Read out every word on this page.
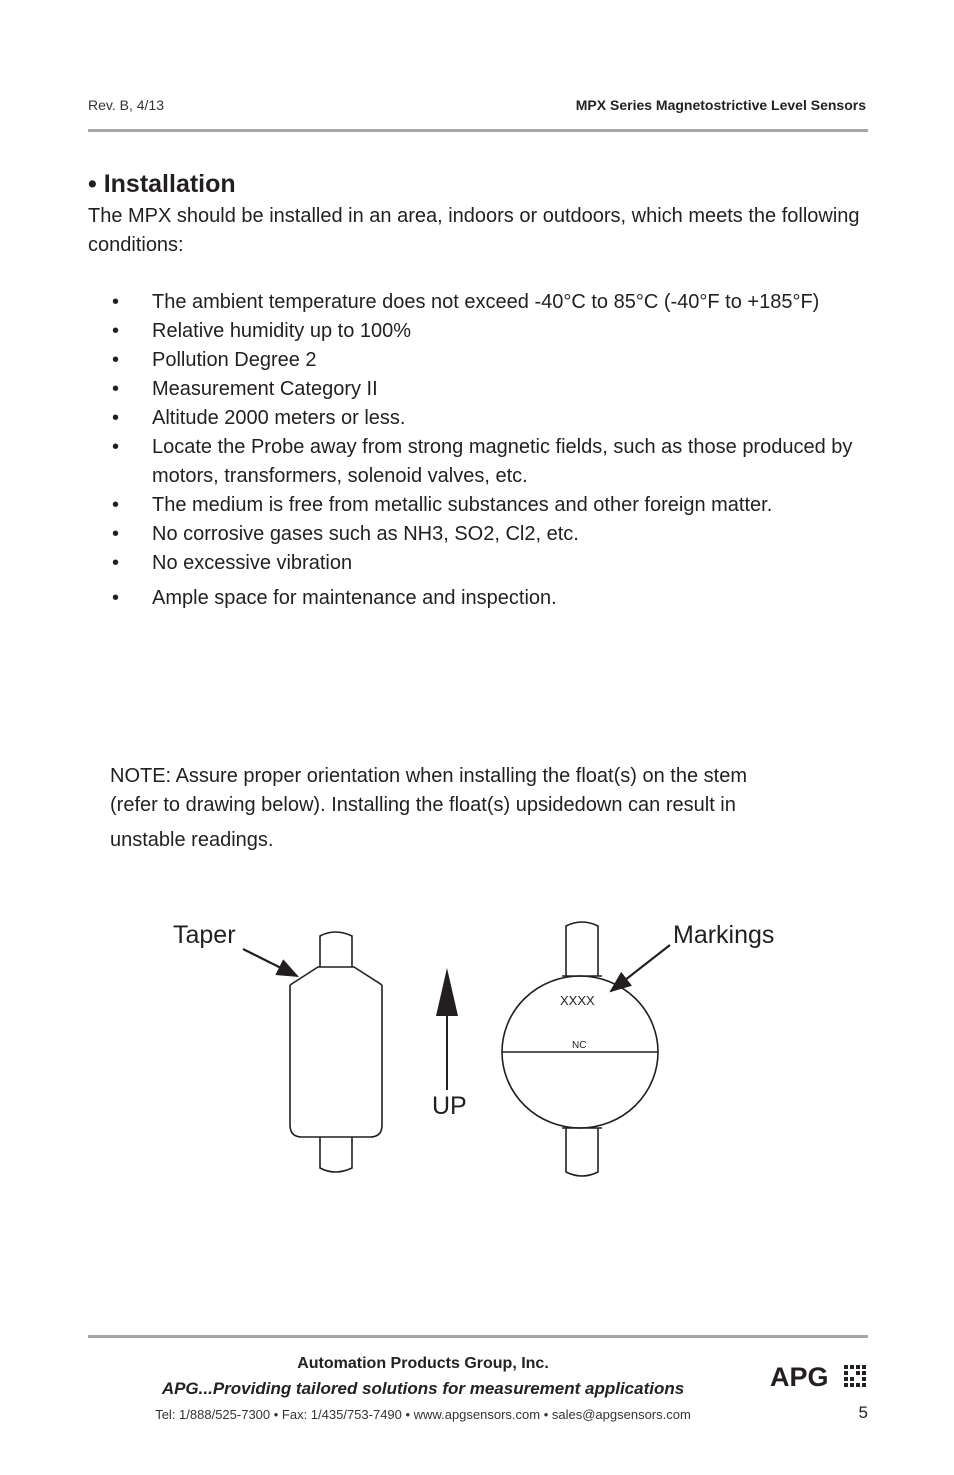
Rev. B, 4/13	MPX Series Magnetostrictive Level Sensors
• Installation
The MPX should be installed in an area, indoors or outdoors, which meets the following conditions:
• The ambient temperature does not exceed -40°C to 85°C (-40°F to +185°F)
• Relative humidity up to 100%
• Pollution Degree 2
• Measurement Category II
• Altitude 2000 meters or less.
• Locate the Probe away from strong magnetic fields, such as those produced by motors, transformers, solenoid valves, etc.
• The medium is free from metallic substances and other foreign matter.
• No corrosive gases such as NH3, SO2, Cl2, etc.
• No excessive vibration
• Ample space for maintenance and inspection.
NOTE: Assure proper orientation when installing the float(s) on the stem
(refer to drawing below). Installing the float(s) upsidedown can result in

unstable readings.
Taper
UP
XXXX
NC
Markings
Automation Products Group, Inc.
APG...Providing tailored solutions for measurement applications
Tel: 1/888/525-7300 • Fax: 1/435/753-7490 • www.apgsensors.com • sales@apgsensors.com
APG
5
